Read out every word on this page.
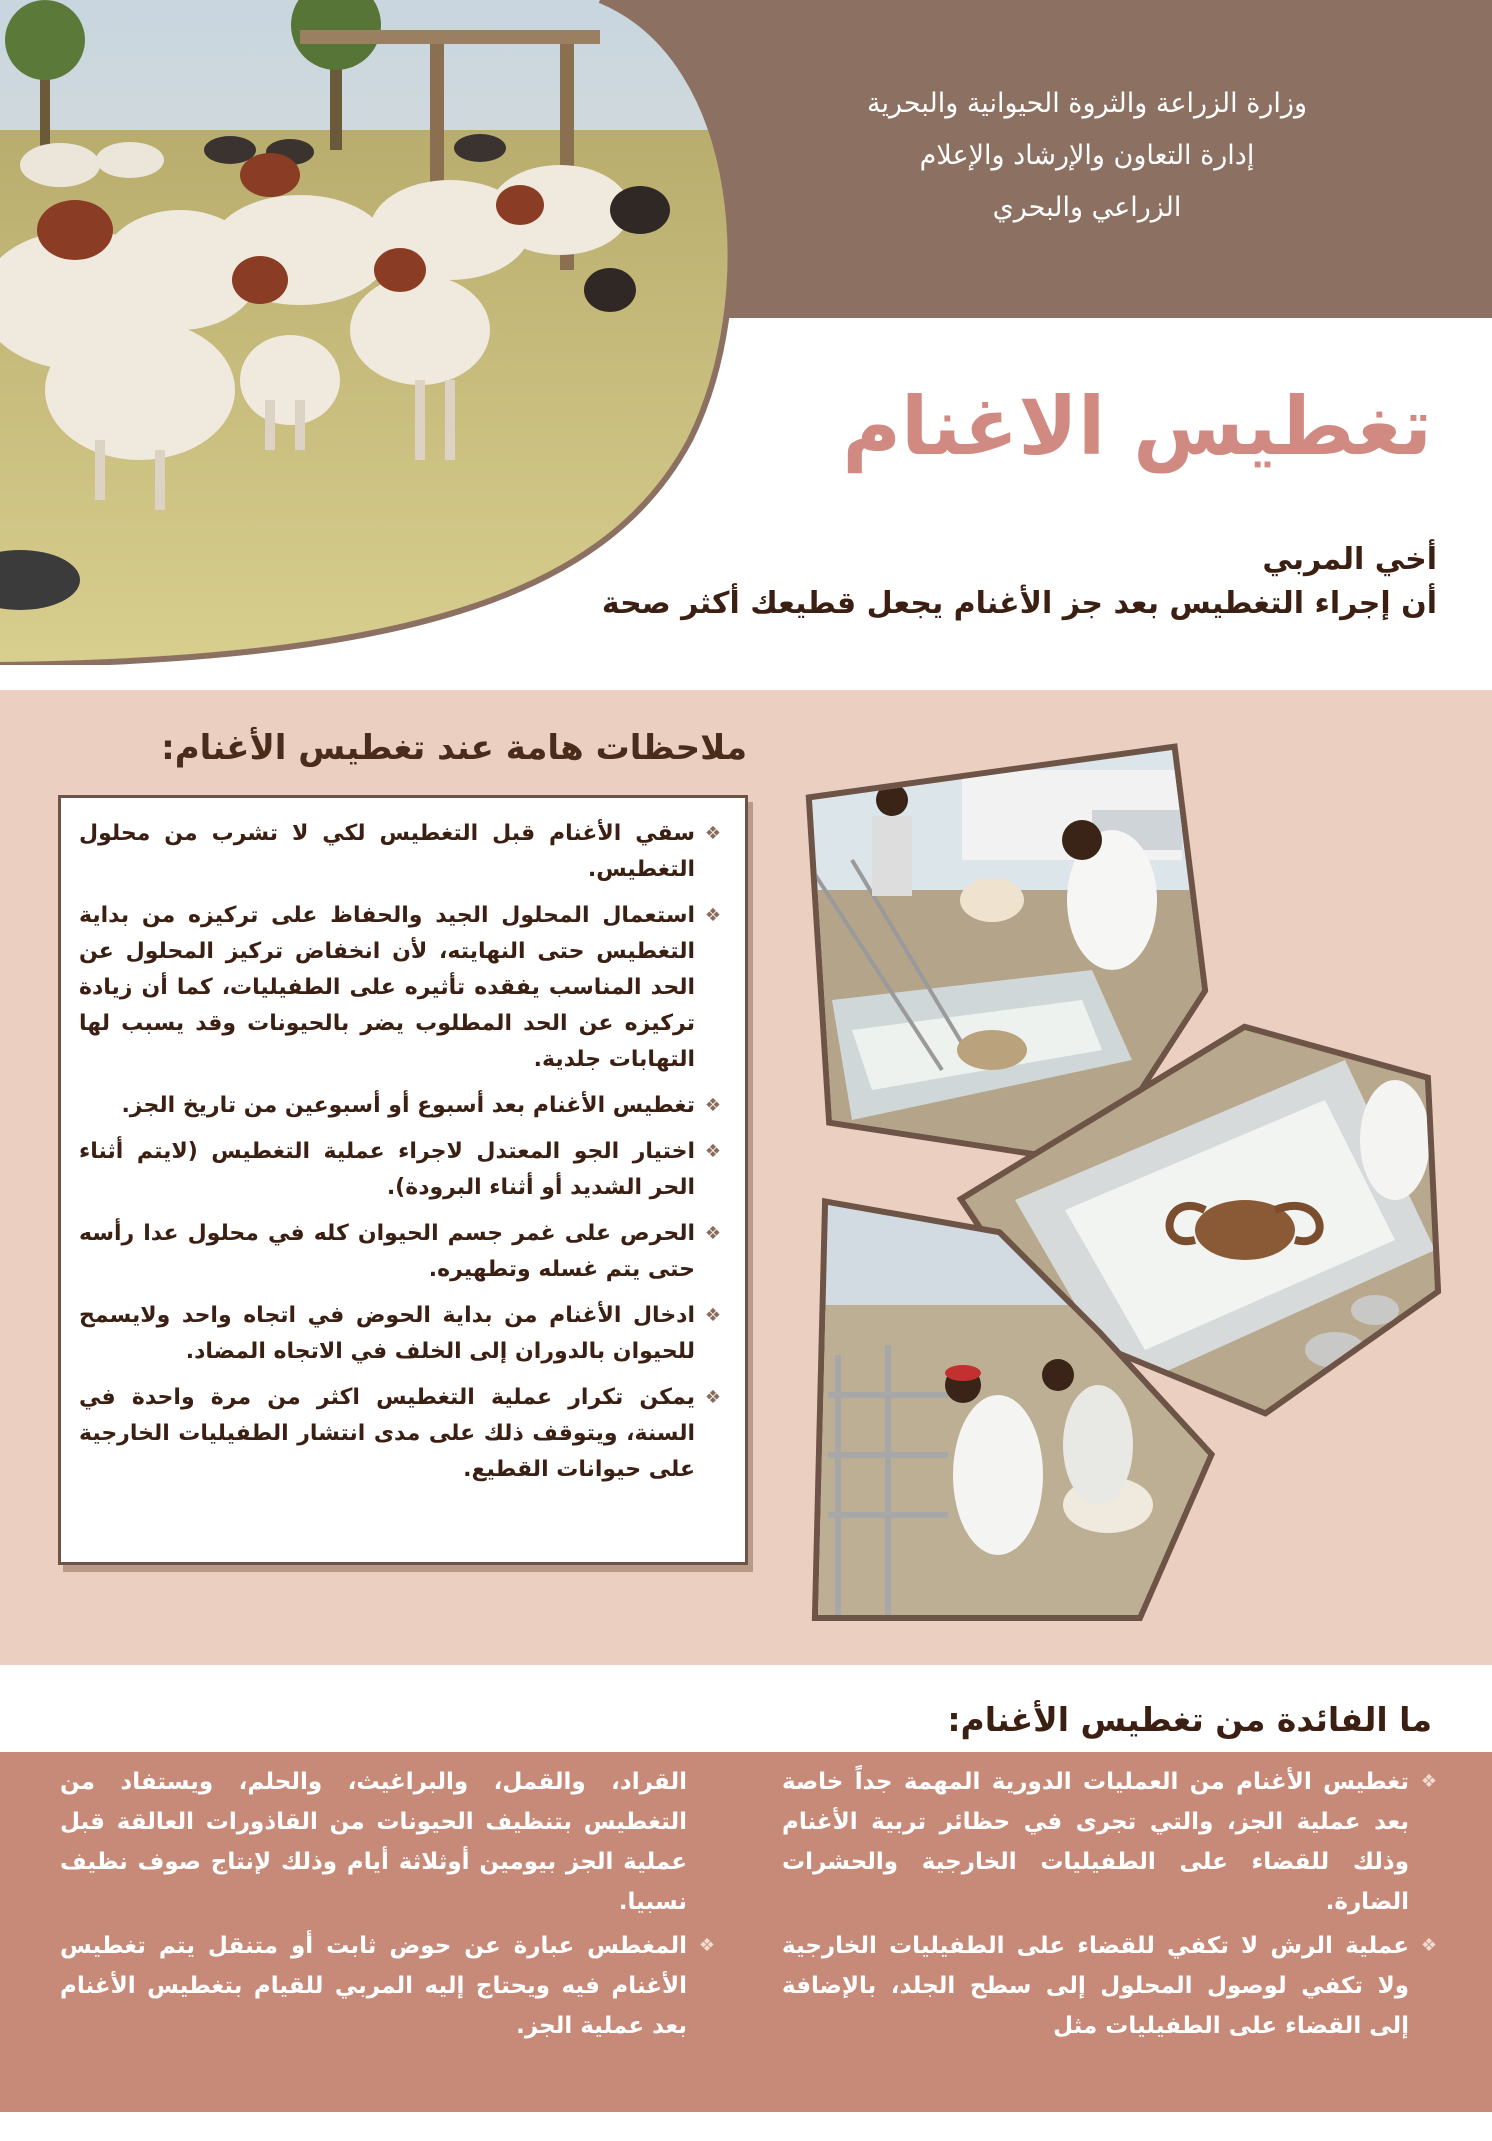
وزارة الزراعة والثروة الحيوانية والبحرية
إدارة التعاون والإرشاد والإعلام
الزراعي والبحري
تغطيس الاغنام
أخي المربي
أن إجراء التغطيس بعد جز الأغنام يجعل قطيعك أكثر صحة
ملاحظات هامة عند تغطيس الأغنام:
❖
سقي الأغنام قبل التغطيس لكي لا تشرب من محلول التغطيس.
❖
استعمال المحلول الجيد والحفاظ على تركيزه من بداية التغطيس حتى النهايته، لأن انخفاض تركيز المحلول عن الحد المناسب يفقده تأثيره على الطفيليات، كما أن زيادة تركيزه عن الحد المطلوب يضر بالحيونات وقد يسبب لها التهابات جلدية.
❖
تغطيس الأغنام بعد أسبوع أو أسبوعين من تاريخ الجز.
❖
اختيار الجو المعتدل لاجراء عملية التغطيس (لايتم أثناء الحر الشديد أو أثناء البرودة).
❖
الحرص على غمر جسم الحيوان كله في محلول عدا رأسه حتى يتم غسله وتطهيره.
❖
ادخال الأغنام من بداية الحوض في اتجاه واحد ولايسمح للحيوان بالدوران إلى الخلف في الاتجاه المضاد.
❖
يمكن تكرار عملية التغطيس اكثر من مرة واحدة في السنة، ويتوقف ذلك على مدى انتشار الطفيليات الخارجية على حيوانات القطيع.
ما الفائدة من تغطيس الأغنام:
❖
تغطيس الأغنام من العمليات الدورية المهمة جداً خاصة بعد عملية الجز، والتي تجرى في حظائر تربية الأغنام وذلك للقضاء على الطفيليات الخارجية والحشرات الضارة.
❖
عملية الرش لا تكفي للقضاء على الطفيليات الخارجية ولا تكفي لوصول المحلول إلى سطح الجلد، بالإضافة إلى القضاء على الطفيليات مثل
القراد، والقمل، والبراغيث، والحلم، ويستفاد من التغطيس بتنظيف الحيونات من القاذورات العالقة قبل عملية الجز بيومين أوثلاثة أيام وذلك لإنتاج صوف نظيف نسبيا.
❖
المغطس عبارة عن حوض ثابت أو متنقل يتم تغطيس الأغنام فيه ويحتاج إليه المربي للقيام بتغطيس الأغنام بعد عملية الجز.
